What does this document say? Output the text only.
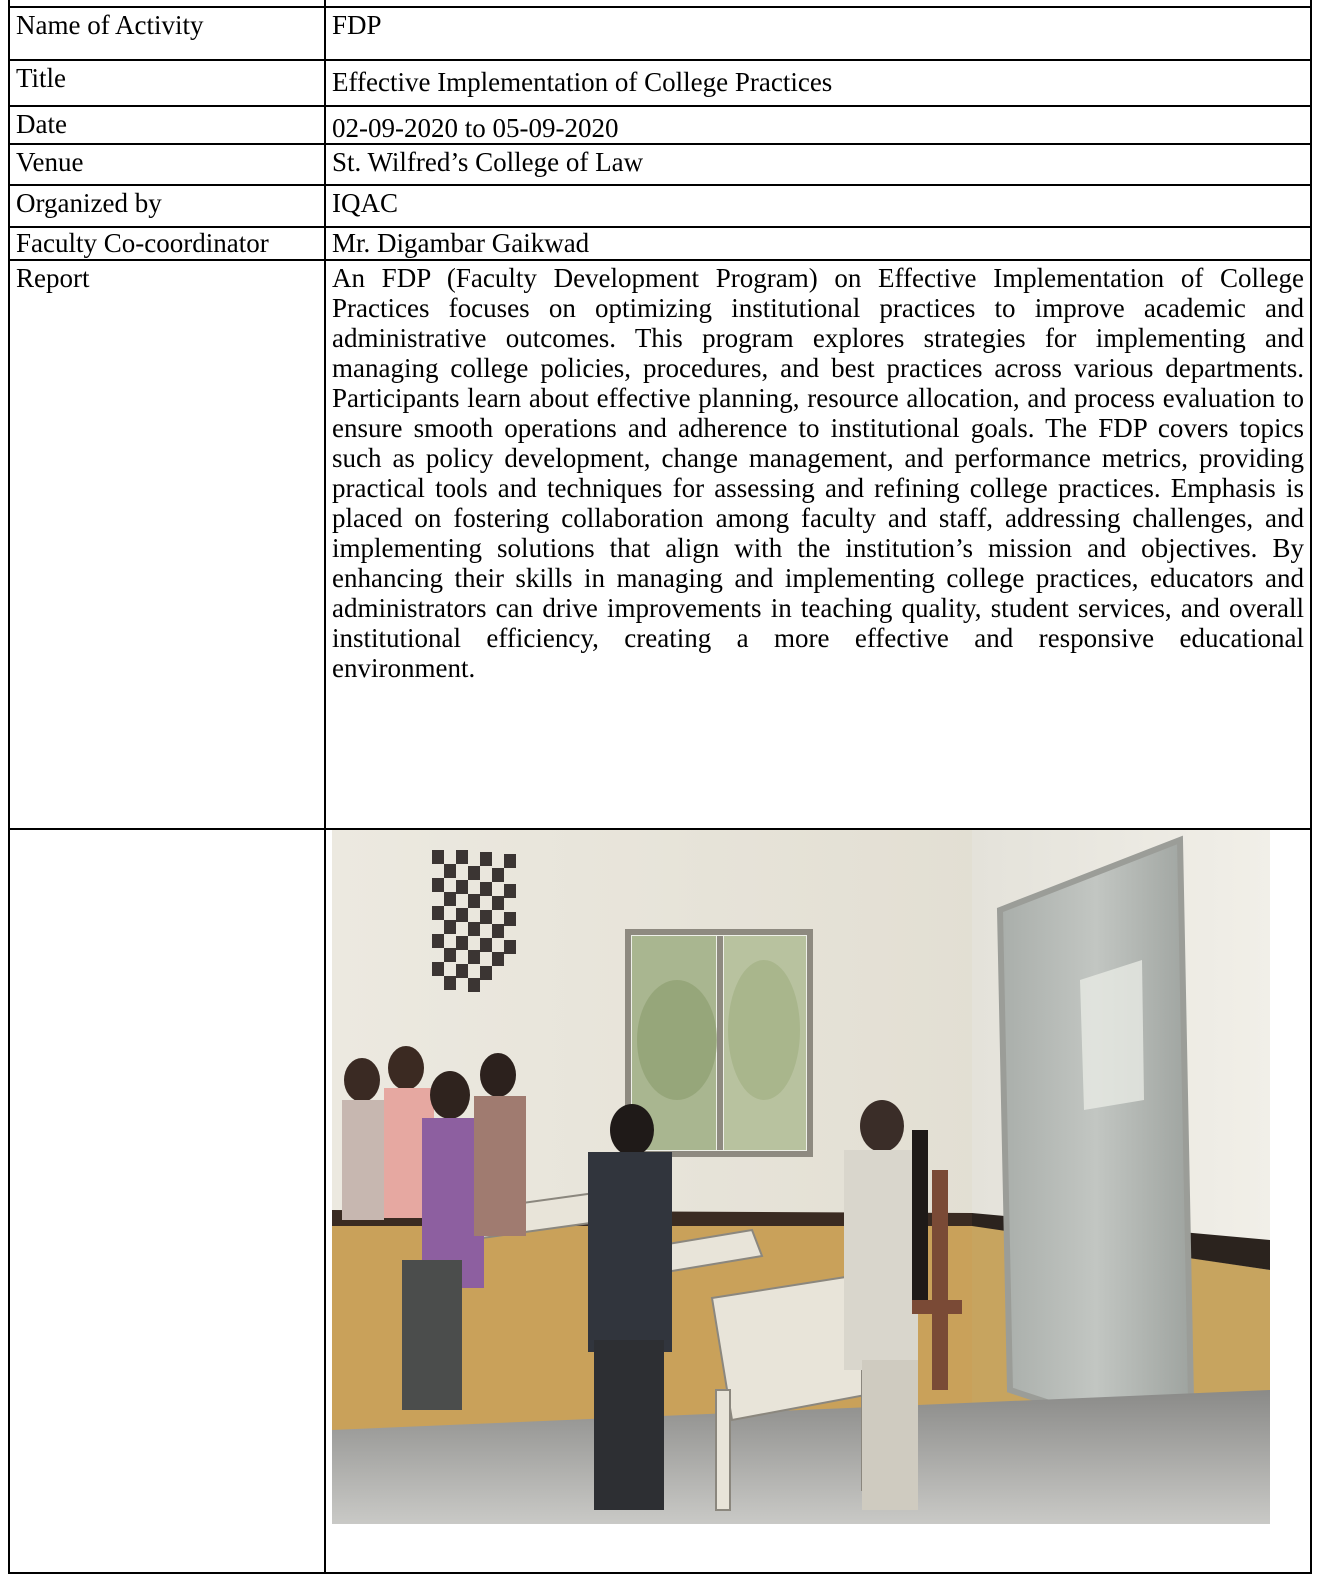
Name of Activity	FDP
Title	Effective Implementation of College Practices
Date	02-09-2020 to 05-09-2020
Venue	St. Wilfred’s College of Law
Organized by	IQAC
Faculty Co-coordinator	Mr. Digambar Gaikwad
Report	An FDP (Faculty Development Program) on Effective Implementation of College Practices focuses on optimizing institutional practices to improve academic and administrative outcomes. This program explores strategies for implementing and managing college policies, procedures, and best practices across various departments. Participants learn about effective planning, resource allocation, and process evaluation to ensure smooth operations and adherence to institutional goals. The FDP covers topics such as policy development, change management, and performance metrics, providing practical tools and techniques for assessing and refining college practices. Emphasis is placed on fostering collaboration among faculty and staff, addressing challenges, and implementing solutions that align with the institution’s mission and objectives. By enhancing their skills in managing and implementing college practices, educators and administrators can drive improvements in teaching quality, student services, and overall institutional efficiency, creating a more effective and responsive educational environment.
